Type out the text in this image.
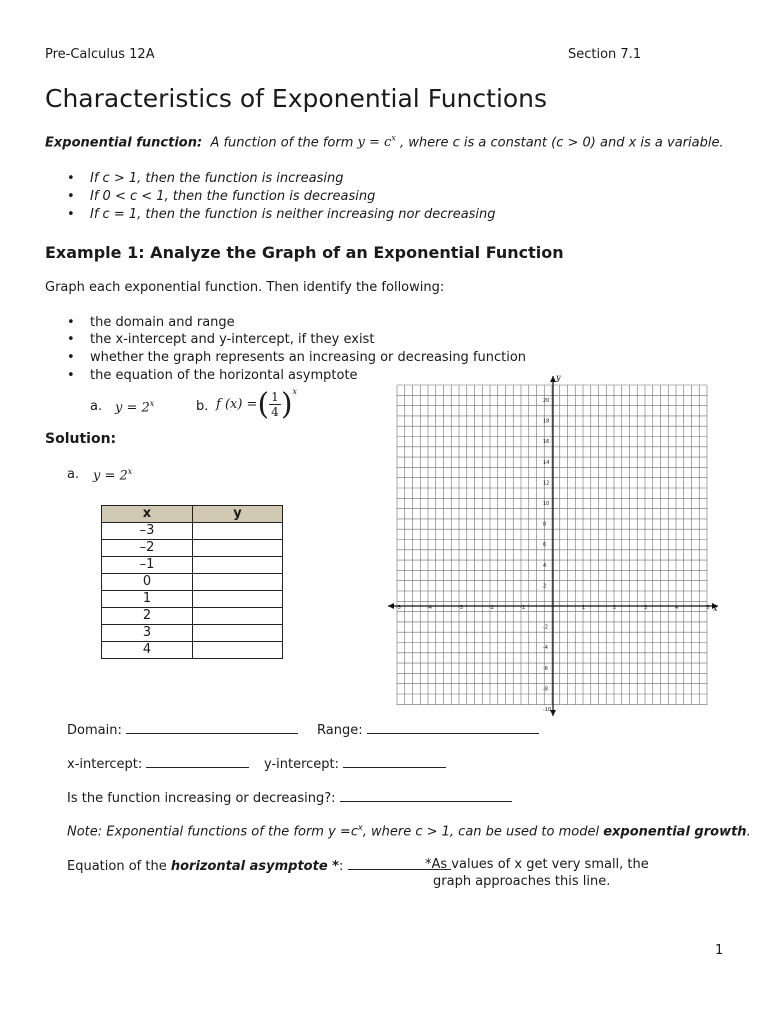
Pre-Calculus 12A	Section 7.1
Characteristics of Exponential Functions
Exponential function: A function of the form $y = c^x$ , where c is a constant (c > 0) and x is a variable.
• If c > 1, then the function is increasing
• If 0 < c < 1, then the function is decreasing
• If c = 1, then the function is neither increasing nor decreasing
Example 1: Analyze the Graph of an Exponential Function
Graph each exponential function. Then identify the following:
• the domain and range
• the x-intercept and y-intercept, if they exist
• whether the graph represents an increasing or decreasing function
• the equation of the horizontal asymptote
a. $y = 2^x$	b. f (x) =( $\frac{1}{4} )^x$
Solution:
a. $y = 2^x$
x	y
–3	
–2	
–1	
0	
1	
2	
3	
4	
x
y
-5	-4	-3	-2	-1	1	2	3	4	5
20
18
16
14
12
10
8
6
4
2
-2
-4
-6
-8
-10
Domain:	Range:
x-intercept:	y-intercept:
Is the function increasing or decreasing?:
Note: Exponential functions of the form $y =c^x$, where c > 1, can be used to model exponential growth.
Equation of the horizontal asymptote *:	*As values of x get very small, the
graph approaches this line.
1
